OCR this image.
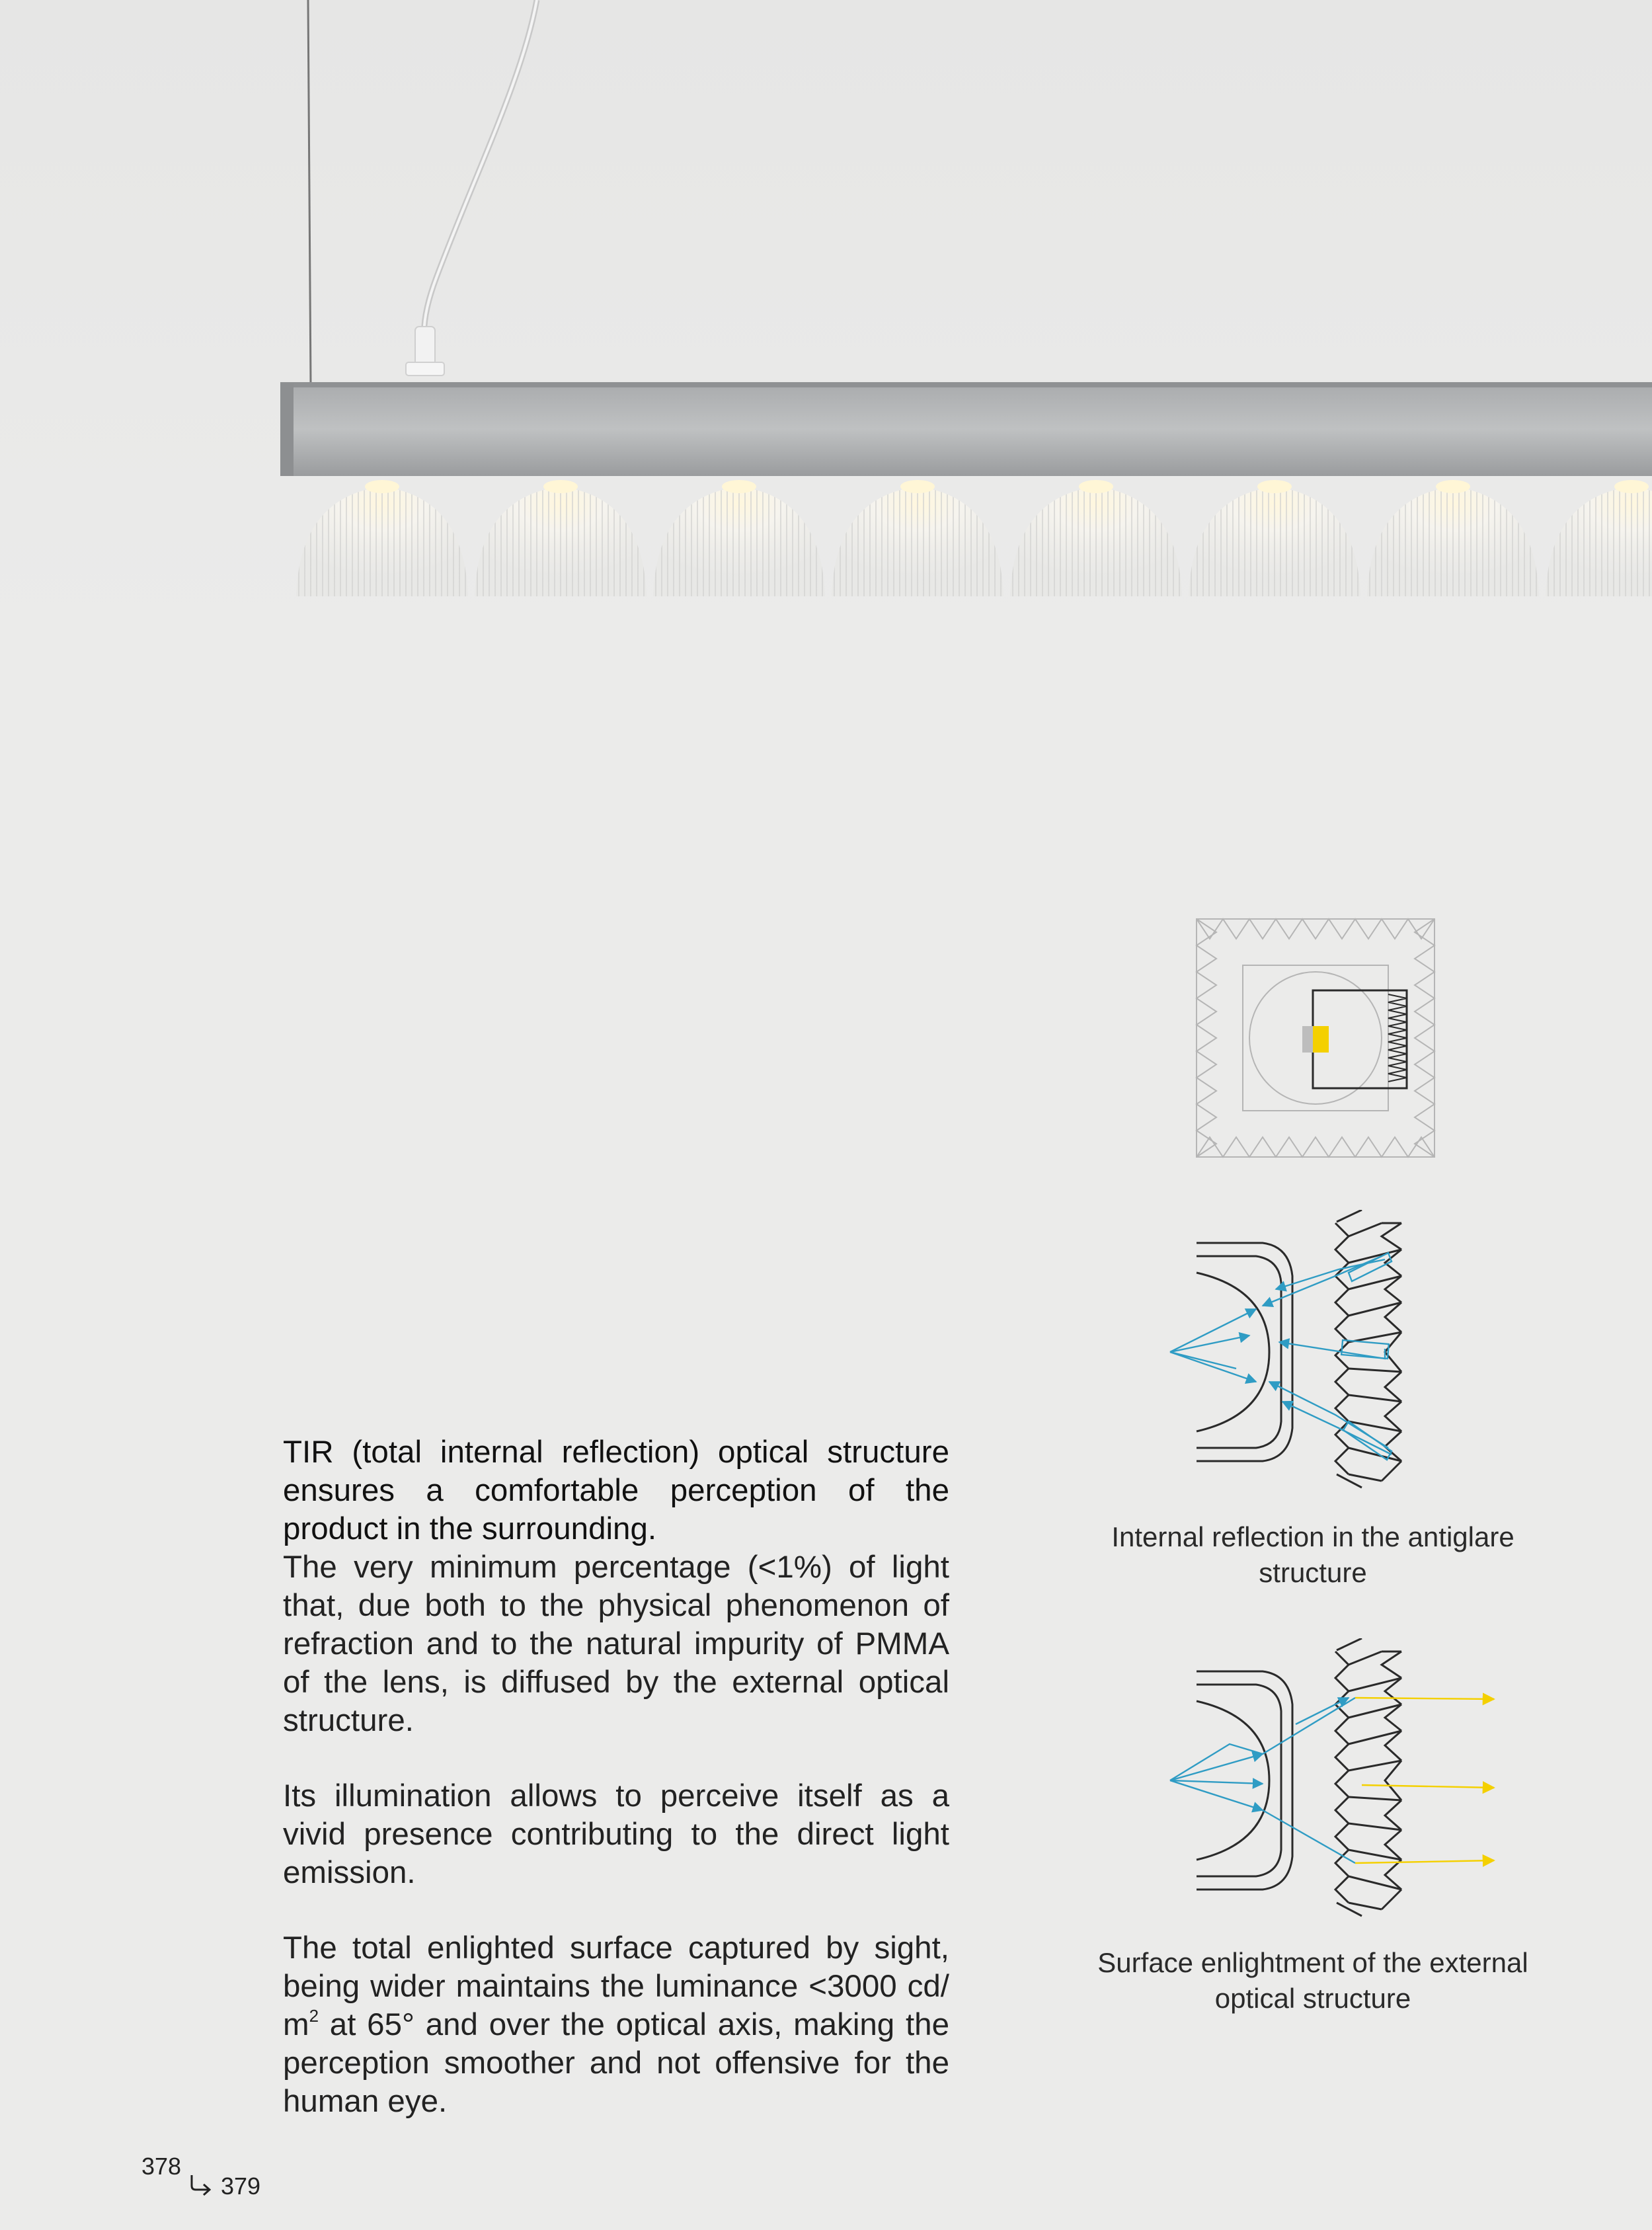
Internal reflection in the antiglare structure
Surface enlightment of the external optical structure

TIR (total internal reflection) optical structure ensures a comfortable perception of the product in the surrounding.

The very minimum percentage (<1%) of light that, due both to the physical phenomenon of refraction and to the natural impurity of PMMA of the lens, is diffused by the external optical structure.

Its illumination allows to perceive itself as a vivid presence contributing to the direct light emission.

The total enlighted surface captured by sight, being wider maintains the luminance <3000 cd/ $m^2$ at 65° and over the optical axis, making the perception smoother and not offensive for the human eye.

378
379
